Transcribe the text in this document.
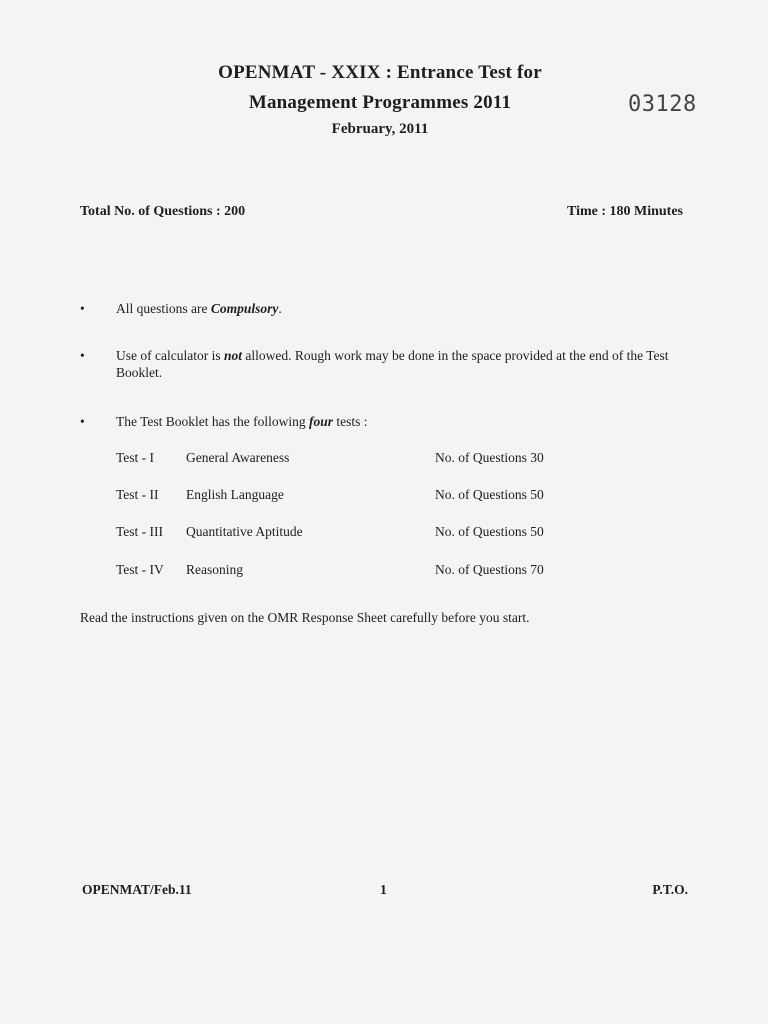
OPENMAT - XXIX : Entrance Test for
Management Programmes 2011
February, 2011
03128
Total No. of Questions : 200	Time : 180 Minutes
•	All questions are Compulsory.
•	Use of calculator is not allowed. Rough work may be done in the space provided at the end of the Test Booklet.
•	The Test Booklet has the following four tests :
Test - I General Awareness	No. of Questions 30
Test - II English Language	No. of Questions 50
Test - III Quantitative Aptitude	No. of Questions 50
Test - IV Reasoning	No. of Questions 70
Read the instructions given on the OMR Response Sheet carefully before you start.
OPENMAT/Feb.11	1	P.T.O.
